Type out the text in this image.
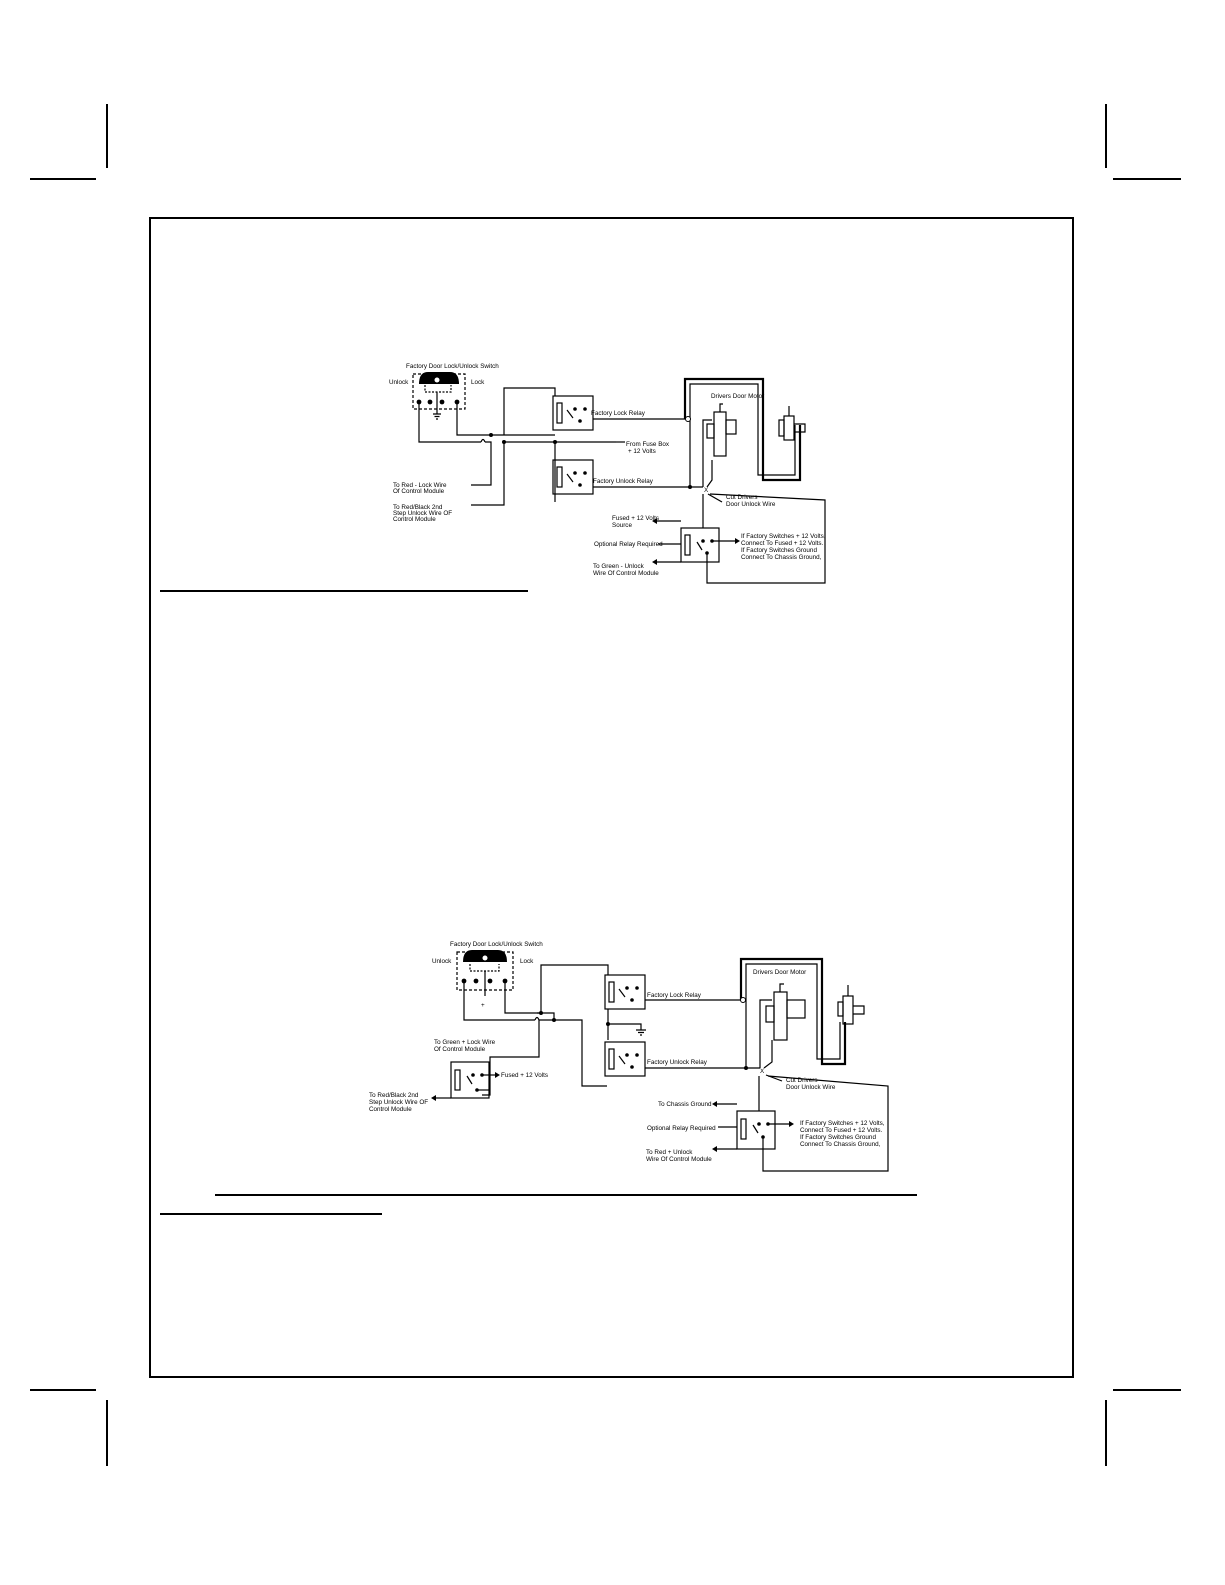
Factory Door Lock/Unlock Switch
Unlock	Lock
Factory Lock Relay
Factory Unlock Relay
From Fuse Box
+ 12 Volts
Drivers Door Motor
X
Cut Drivers
Door Unlock Wire
To Red - Lock Wire
Of Control Module
To Red/Black 2nd
Step Unlock Wire OF
Control Module	Fused + 12 Volts
Source
Optional Relay Required
To Green - Unlock
Wire Of Control Module
If Factory Switches + 12 Volts,
Connect To Fused + 12 Volts.
If Factory Switches Ground
Connect To Chassis Ground,
+
Factory Door Lock/Unlock Switch
Unlock	Lock
To Green + Lock Wire
Of Control Module
Factory Lock Relay
Factory Unlock Relay
Drivers Door Motor
X
Cut Drivers
Door Unlock Wire
Fused + 12 Volts
To Red/Black 2nd
Step Unlock Wire OF
Control Module
To Chassis Ground
Optional Relay Required
To Red + Unlock
Wire Of Control Module
If Factory Switches + 12 Volts,
Connect To Fused + 12 Volts.
If Factory Switches Ground
Connect To Chassis Ground,
